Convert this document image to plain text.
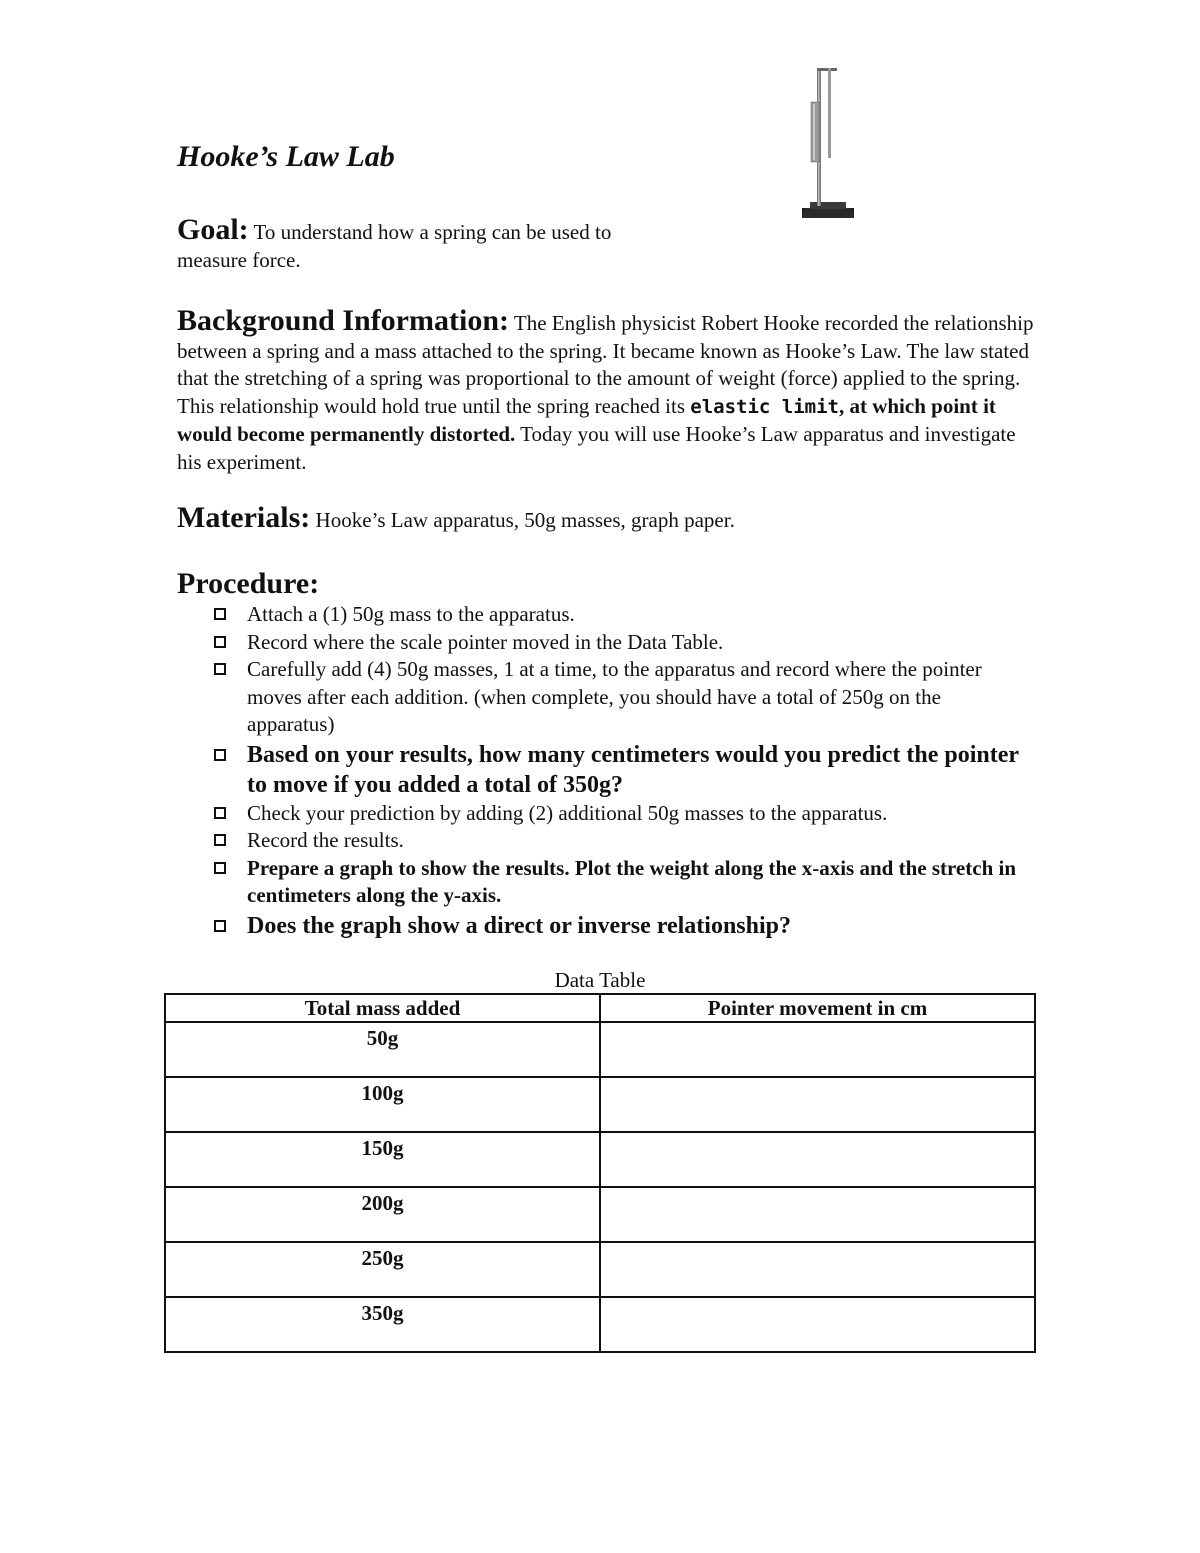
Hooke’s Law Lab

Goal: To understand how a spring can be used to measure force.

Background Information: The English physicist Robert Hooke recorded the relationship between a spring and a mass attached to the spring. It became known as Hooke’s Law. The law stated that the stretching of a spring was proportional to the amount of weight (force) applied to the spring. This relationship would hold true until the spring reached its elastic limit, at which point it would become permanently distorted. Today you will use Hooke’s Law apparatus and investigate his experiment.

Materials: Hooke’s Law apparatus, 50g masses, graph paper.

Procedure:
Attach a (1) 50g mass to the apparatus.
Record where the scale pointer moved in the Data Table.
Carefully add (4) 50g masses, 1 at a time, to the apparatus and record where the pointer moves after each addition. (when complete, you should have a total of 250g on the apparatus)
Based on your results, how many centimeters would you predict the pointer to move if you added a total of 350g?
Check your prediction by adding (2) additional 50g masses to the apparatus.
Record the results.
Prepare a graph to show the results. Plot the weight along the x-axis and the stretch in centimeters along the y-axis.
Does the graph show a direct or inverse relationship?

Data Table

Total mass added	Pointer movement in cm
50g	
100g	
150g	
200g	
250g	
350g	
